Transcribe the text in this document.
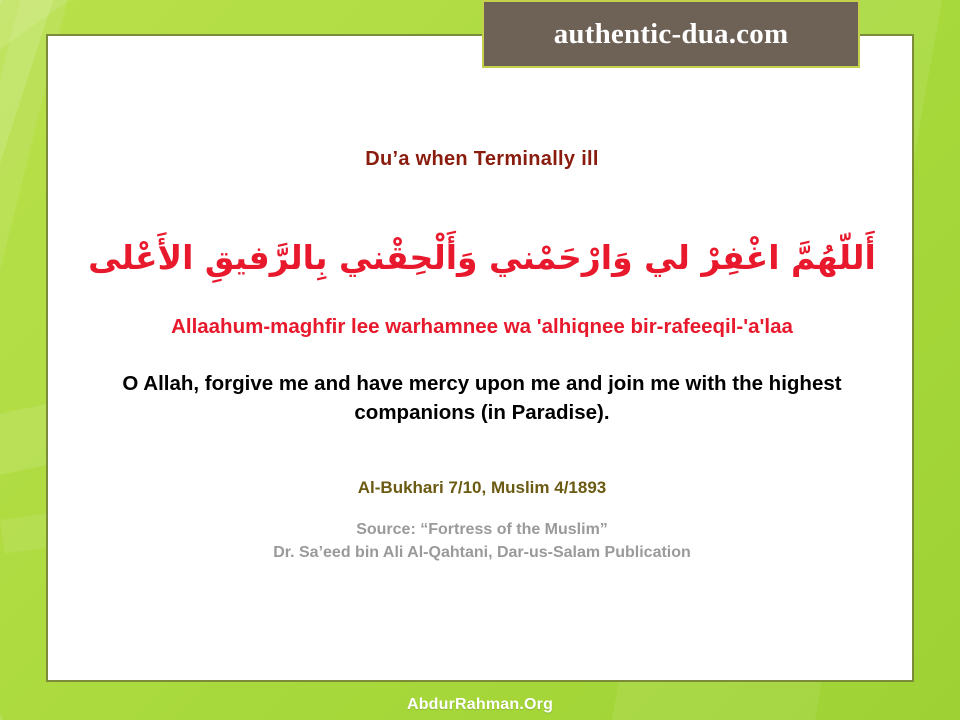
Du’a when Terminally ill
أَللّهُمَّ اغْفِرْ لي وَارْحَمْني وَأَلْحِقْني بِالرَّفيقِ الأَعْلى
Allaahum-maghfir lee warhamnee wa 'alhiqnee bir-rafeeqil-'a'laa
O Allah, forgive me and have mercy upon me and join me with the highest companions (in Paradise).
Al-Bukhari 7/10, Muslim 4/1893
Source: “Fortress of the Muslim”
Dr. Sa’eed bin Ali Al-Qahtani, Dar-us-Salam Publication
authentic-dua.com
AbdurRahman.Org
